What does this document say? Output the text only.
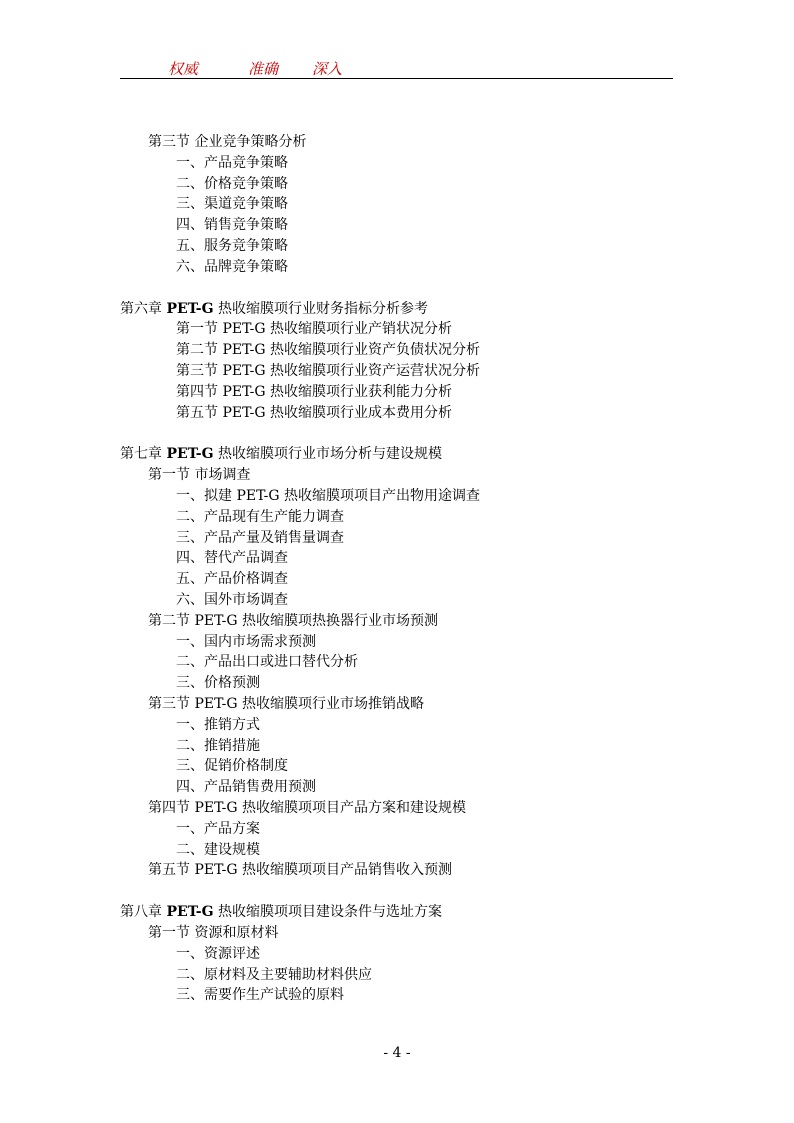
权威	准确 深入
第三节 企业竞争策略分析
一、产品竞争策略
二、价格竞争策略
三、渠道竞争策略
四、销售竞争策略
五、服务竞争策略
六、品牌竞争策略
第六章 PET-G 热收缩膜项行业财务指标分析参考
第一节 PET-G 热收缩膜项行业产销状况分析
第二节 PET-G 热收缩膜项行业资产负债状况分析
第三节 PET-G 热收缩膜项行业资产运营状况分析
第四节 PET-G 热收缩膜项行业获利能力分析
第五节 PET-G 热收缩膜项行业成本费用分析
第七章 PET-G 热收缩膜项行业市场分析与建设规模
第一节 市场调查
一、拟建 PET-G 热收缩膜项项目产出物用途调查
二、产品现有生产能力调查
三、产品产量及销售量调查
四、替代产品调查
五、产品价格调查
六、国外市场调查
第二节 PET-G 热收缩膜项热换器行业市场预测
一、国内市场需求预测
二、产品出口或进口替代分析
三、价格预测
第三节 PET-G 热收缩膜项行业市场推销战略
一、推销方式
二、推销措施
三、促销价格制度
四、产品销售费用预测
第四节 PET-G 热收缩膜项项目产品方案和建设规模
一、产品方案
二、建设规模
第五节 PET-G 热收缩膜项项目产品销售收入预测
第八章 PET-G 热收缩膜项项目建设条件与选址方案
第一节 资源和原材料
一、资源评述
二、原材料及主要辅助材料供应
三、需要作生产试验的原料
- 4 -
